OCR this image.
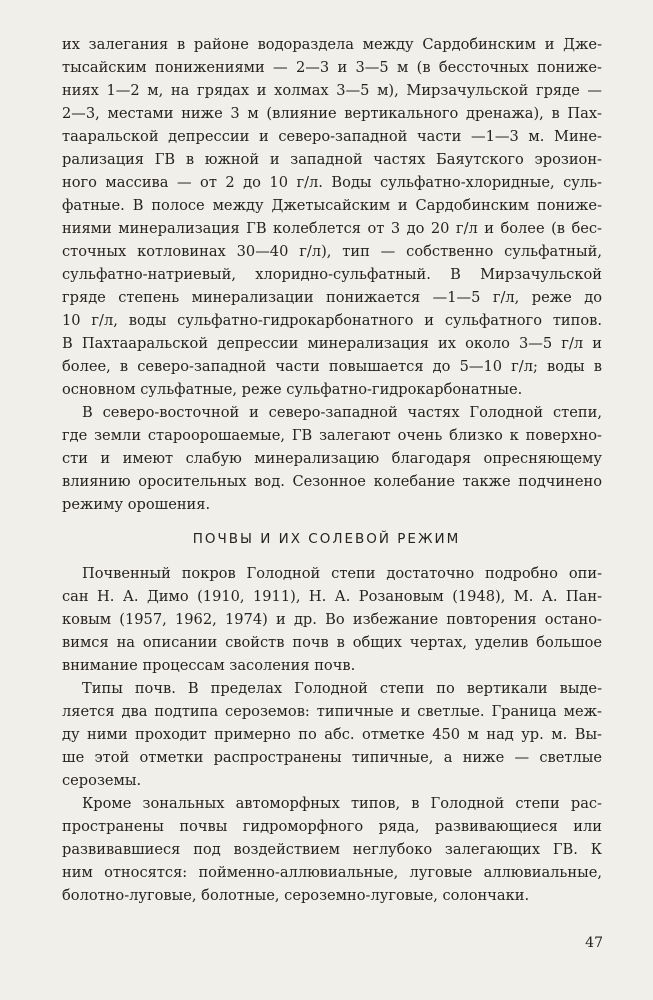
их залегания в районе водораздела между Сардобинским и Дже-
тысайским понижениями — 2—3 и 3—5 м (в бессточных пониже-
ниях 1—2 м, на грядах и холмах 3—5 м), Мирзачульской гряде —
2—3, местами ниже 3 м (влияние вертикального дренажа), в Пах-
тааральской депрессии и северо-западной части —1—3 м. Мине-
рализация ГВ в южной и западной частях Баяутского эрозион-
ного массива — от 2 до 10 г/л. Воды сульфатно-хлоридные, суль-
фатные. В полосе между Джетысайским и Сардобинским пониже-
ниями минерализация ГВ колеблется от 3 до 20 г/л и более (в бес-
сточных котловинах 30—40 г/л), тип — собственно сульфатный,
сульфатно-натриевый, хлоридно-сульфатный. В Мирзачульской
гряде степень минерализации понижается —1—5 г/л, реже до
10 г/л, воды сульфатно-гидрокарбонатного и сульфатного типов.
В Пахтааральской депрессии минерализация их около 3—5 г/л и
более, в северо-западной части повышается до 5—10 г/л; воды в
основном сульфатные, реже сульфатно-гидрокарбонатные.
В северо-восточной и северо-западной частях Голодной степи,
где земли староорошаемые, ГВ залегают очень близко к поверхно-
сти и имеют слабую минерализацию благодаря опресняющему
влиянию оросительных вод. Сезонное колебание также подчинено
режиму орошения.
ПОЧВЫ И ИХ СОЛЕВОЙ РЕЖИМ
Почвенный покров Голодной степи достаточно подробно опи-
сан Н. А. Димо (1910, 1911), Н. А. Розановым (1948), М. А. Пан-
ковым (1957, 1962, 1974) и др. Во избежание повторения остано-
вимся на описании свойств почв в общих чертах, уделив большое
внимание процессам засоления почв.
Типы почв. В пределах Голодной степи по вертикали выде-
ляется два подтипа сероземов: типичные и светлые. Граница меж-
ду ними проходит примерно по абс. отметке 450 м над ур. м. Вы-
ше этой отметки распространены типичные, а ниже — светлые
сероземы.
Кроме зональных автоморфных типов, в Голодной степи рас-
пространены почвы гидроморфного ряда, развивающиеся или
развивавшиеся под воздействием неглубоко залегающих ГВ. К
ним относятся: пойменно-аллювиальные, луговые аллювиальные,
болотно-луговые, болотные, сероземно-луговые, солончаки.
47
